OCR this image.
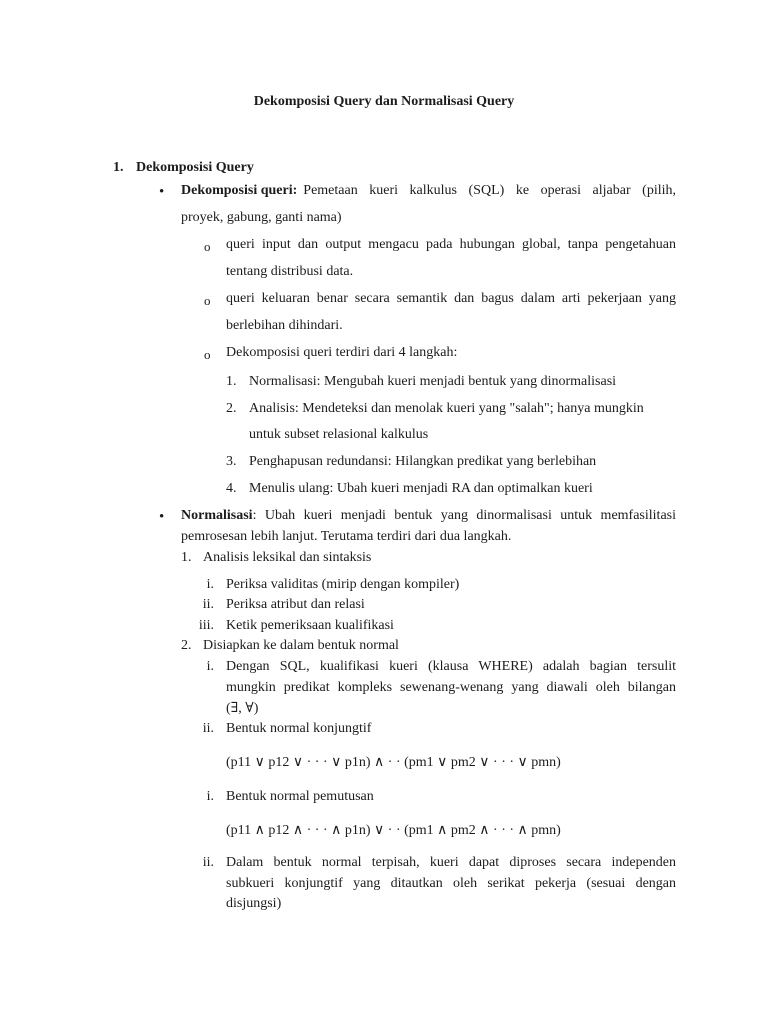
Dekomposisi Query dan Normalisasi Query
1. Dekomposisi Query
• Dekomposisi queri: Pemetaan kueri kalkulus (SQL) ke operasi aljabar (pilih,
proyek, gabung, ganti nama)
o queri input dan output mengacu pada hubungan global, tanpa pengetahuan
tentang distribusi data.
o queri keluaran benar secara semantik dan bagus dalam arti pekerjaan yang
berlebihan dihindari.
o Dekomposisi queri terdiri dari 4 langkah:
1. Normalisasi: Mengubah kueri menjadi bentuk yang dinormalisasi
2. Analisis: Mendeteksi dan menolak kueri yang "salah"; hanya mungkin
untuk subset relasional kalkulus
3. Penghapusan redundansi: Hilangkan predikat yang berlebihan
4. Menulis ulang: Ubah kueri menjadi RA dan optimalkan kueri
• Normalisasi : Ubah kueri menjadi bentuk yang dinormalisasi untuk memfasilitasi
pemrosesan lebih lanjut. Terutama terdiri dari dua langkah.
1. Analisis leksikal dan sintaksis
i. Periksa validitas (mirip dengan kompiler)
ii. Periksa atribut dan relasi
iii. Ketik pemeriksaan kualifikasi
2. Disiapkan ke dalam bentuk normal
i. Dengan SQL, kualifikasi kueri (klausa WHERE) adalah bagian tersulit
mungkin predikat kompleks sewenang-wenang yang diawali oleh bilangan
(∃, ∀)
ii. Bentuk normal konjungtif
(p11 ∨ p12 ∨ · · · ∨ p1n) ∧ · · (pm1 ∨ pm2 ∨ · · · ∨ pmn)
i. Bentuk normal pemutusan
(p11 ∧ p12 ∧ · · · ∧ p1n) ∨ · · (pm1 ∧ pm2 ∧ · · · ∧ pmn)
ii. Dalam bentuk normal terpisah, kueri dapat diproses secara independen
subkueri konjungtif yang ditautkan oleh serikat pekerja (sesuai dengan
disjungsi)
